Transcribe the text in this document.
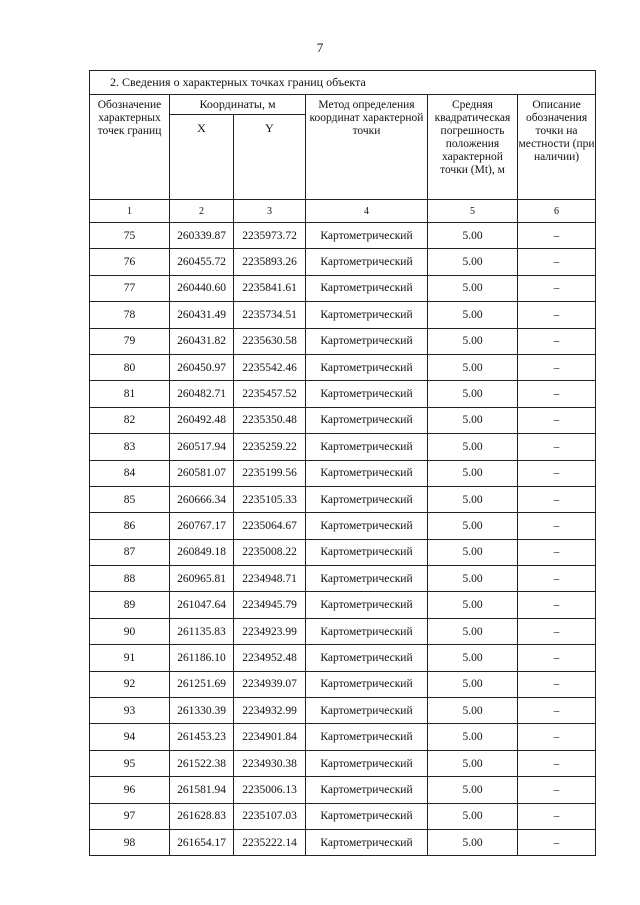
7
2. Сведения о характерных точках границ объекта					
Обозначение характерных точек границ	Координаты, м		Метод определения координат характерной точки	Средняя квадратическая погрешность положения характерной точки (Mt), м	Описание обозначения точки на местности (при наличии)
	X	Y			
1	2	3	4	5	6
75	260339.87	2235973.72	Картометрический	5.00	–
76	260455.72	2235893.26	Картометрический	5.00	–
77	260440.60	2235841.61	Картометрический	5.00	–
78	260431.49	2235734.51	Картометрический	5.00	–
79	260431.82	2235630.58	Картометрический	5.00	–
80	260450.97	2235542.46	Картометрический	5.00	–
81	260482.71	2235457.52	Картометрический	5.00	–
82	260492.48	2235350.48	Картометрический	5.00	–
83	260517.94	2235259.22	Картометрический	5.00	–
84	260581.07	2235199.56	Картометрический	5.00	–
85	260666.34	2235105.33	Картометрический	5.00	–
86	260767.17	2235064.67	Картометрический	5.00	–
87	260849.18	2235008.22	Картометрический	5.00	–
88	260965.81	2234948.71	Картометрический	5.00	–
89	261047.64	2234945.79	Картометрический	5.00	–
90	261135.83	2234923.99	Картометрический	5.00	–
91	261186.10	2234952.48	Картометрический	5.00	–
92	261251.69	2234939.07	Картометрический	5.00	–
93	261330.39	2234932.99	Картометрический	5.00	–
94	261453.23	2234901.84	Картометрический	5.00	–
95	261522.38	2234930.38	Картометрический	5.00	–
96	261581.94	2235006.13	Картометрический	5.00	–
97	261628.83	2235107.03	Картометрический	5.00	–
98	261654.17	2235222.14	Картометрический	5.00	–
